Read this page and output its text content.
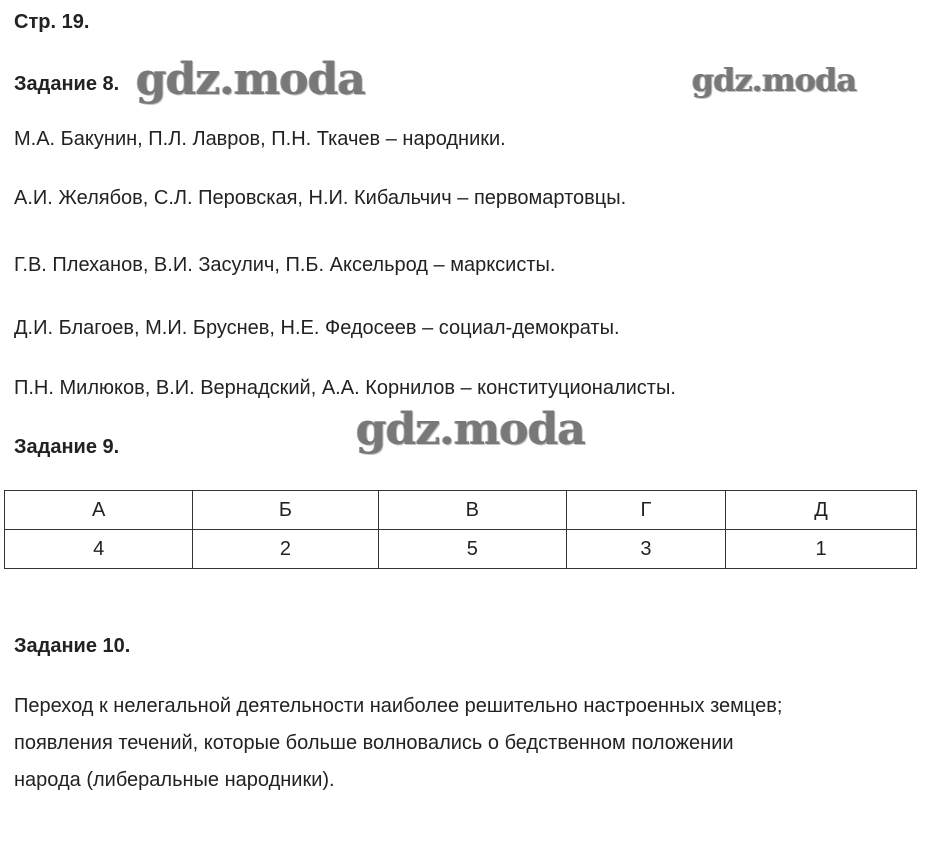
Стр. 19.
Задание 8. gdz.moda	gdz.moda
М.А. Бакунин, П.Л. Лавров, П.Н. Ткачев – народники.
А.И. Желябов, С.Л. Перовская, Н.И. Кибальчич – первомартовцы.
Г.В. Плеханов, В.И. Засулич, П.Б. Аксельрод – марксисты.
Д.И. Благоев, М.И. Бруснев, Н.Е. Федосеев – социал-демократы.
П.Н. Милюков, В.И. Вернадский, А.А. Корнилов – конституционалисты.
Задание 9.	gdz.moda
А	Б	В	Г	Д
4	2	5	3	1
Задание 10.
Переход к нелегальной деятельности наиболее решительно настроенных земцев;
появления течений, которые больше волновались о бедственном положении
народа (либеральные народники).
